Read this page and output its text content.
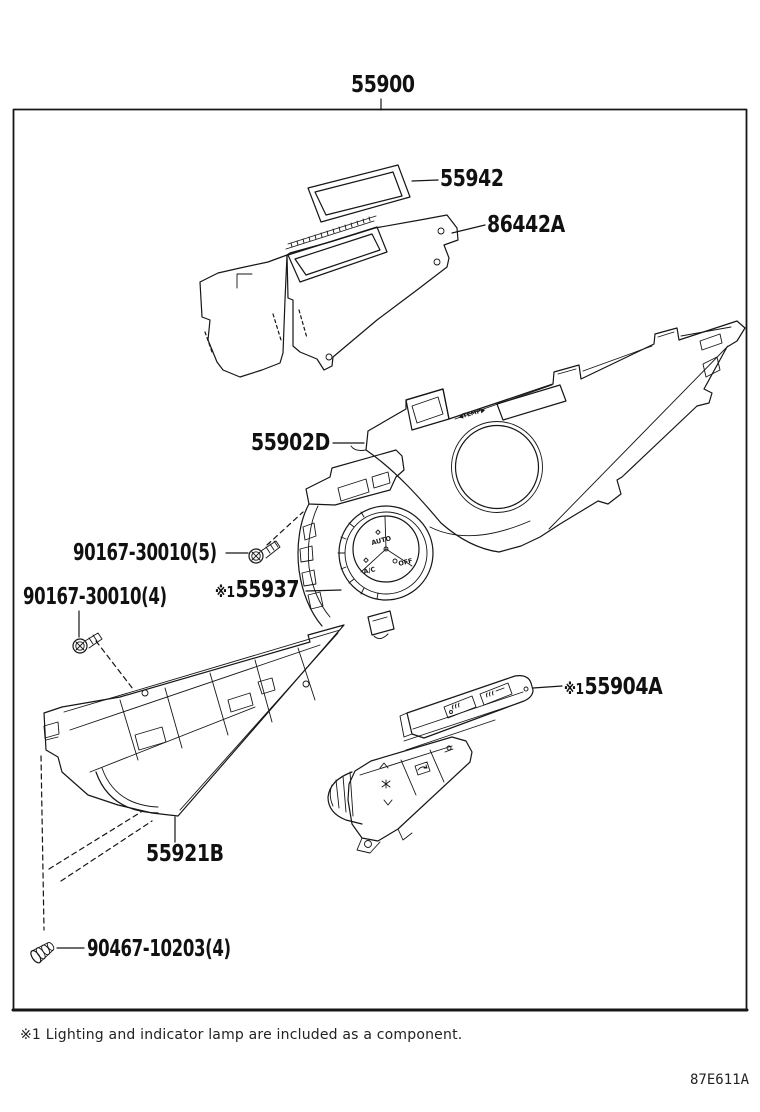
◀TEMP▶
AUTO
A/C
OFF
55900
55942
86442A
55902D
90167-30010(5)
90167-30010(4)	※155937
※155904A
55921B
90467-10203(4)
※1 Lighting and indicator lamp are included as a component.
87E611A
